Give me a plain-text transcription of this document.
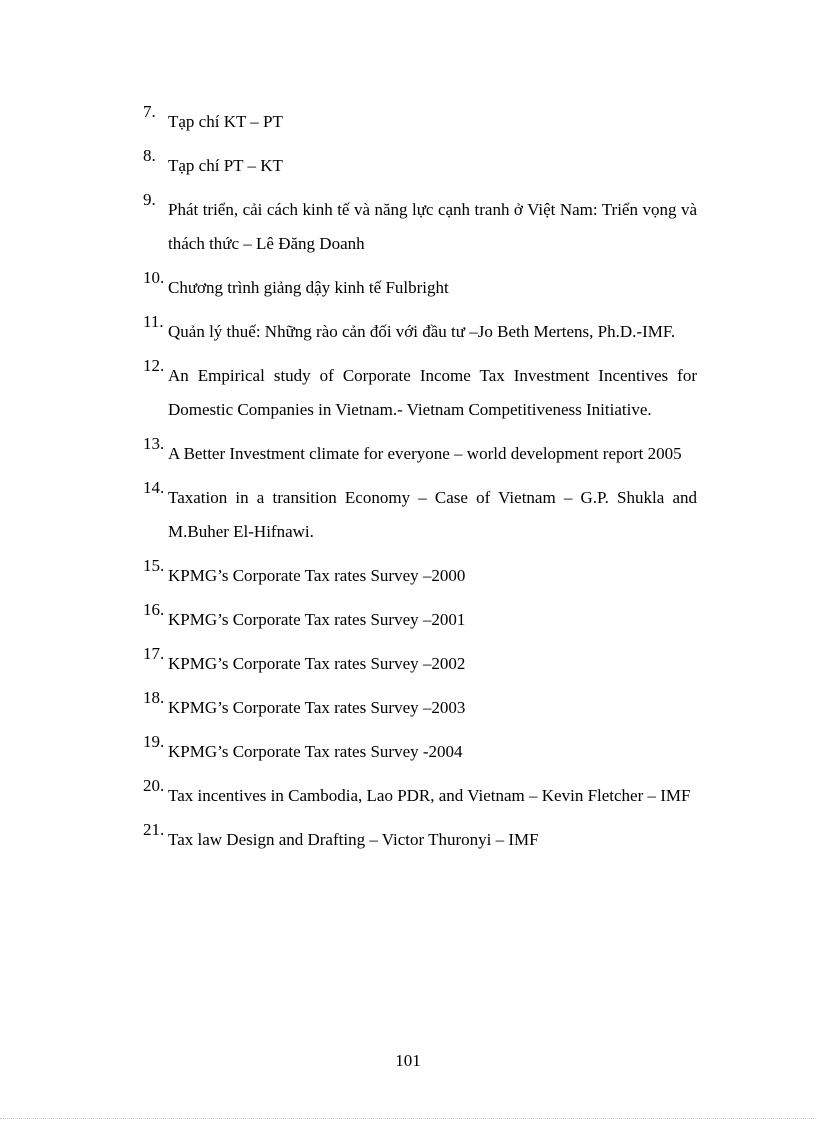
7.
Tạp chí KT – PT
8.
Tạp chí PT – KT
9.
Phát triển, cải cách kinh tế và năng lực cạnh tranh ở Việt Nam: Triển vọng và thách thức – Lê Đăng Doanh
10.
Chương trình giảng dậy kinh tế Fulbright
11.
Quản lý thuế: Những rào cản đối với đầu tư –Jo Beth Mertens, Ph.D.-IMF.
12.
An Empirical study of Corporate Income Tax Investment Incentives for Domestic Companies in Vietnam.- Vietnam Competitiveness Initiative.
13.
A Better Investment climate for everyone – world development report 2005
14.
Taxation in a transition Economy – Case of Vietnam – G.P. Shukla and M.Buher El-Hifnawi.
15.
KPMG’s Corporate Tax rates Survey –2000
16.
KPMG’s Corporate Tax rates Survey –2001
17.
KPMG’s Corporate Tax rates Survey –2002
18.
KPMG’s Corporate Tax rates Survey –2003
19.
KPMG’s Corporate Tax rates Survey -2004
20.
Tax incentives in Cambodia, Lao PDR, and Vietnam – Kevin Fletcher – IMF
21.
Tax law Design and Drafting – Victor Thuronyi – IMF
101
